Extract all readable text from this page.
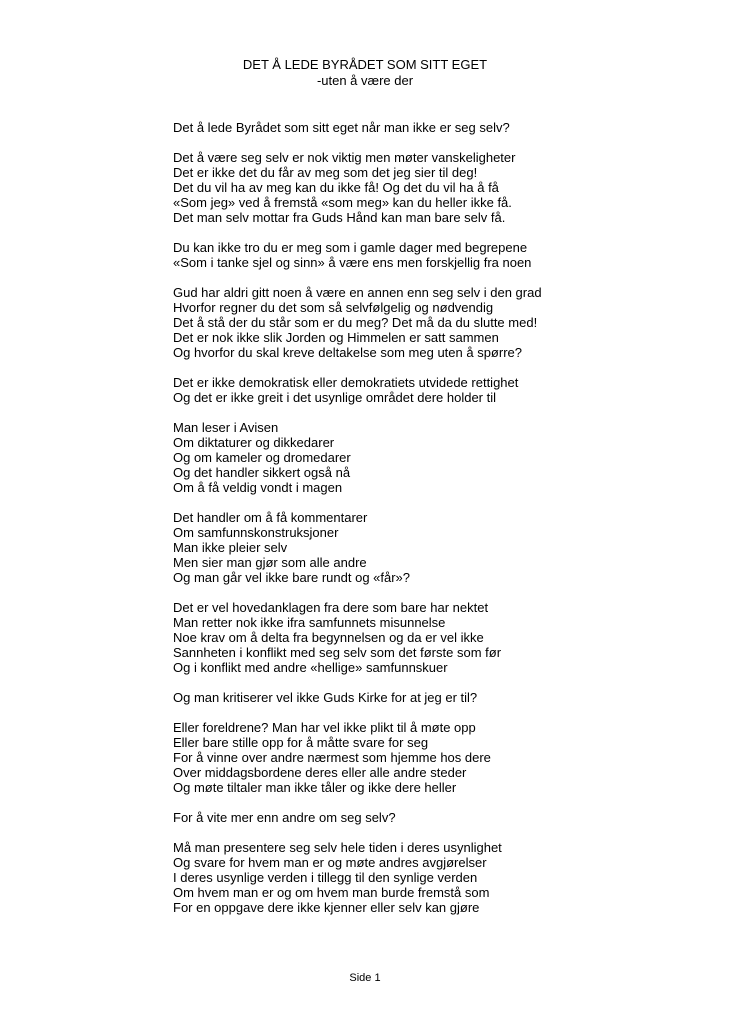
DET Å LEDE BYRÅDET SOM SITT EGET
-uten å være der
Det å lede Byrådet som sitt eget når man ikke er seg selv?
Det å være seg selv er nok viktig men møter vanskeligheter
Det er ikke det du får av meg som det jeg sier til deg!
Det du vil ha av meg kan du ikke få! Og det du vil ha å få
«Som jeg» ved å fremstå «som meg» kan du heller ikke få.
Det man selv mottar fra Guds Hånd kan man bare selv få.
Du kan ikke tro du er meg som i gamle dager med begrepene
«Som i tanke sjel og sinn» å være ens men forskjellig fra noen
Gud har aldri gitt noen å være en annen enn seg selv i den grad
Hvorfor regner du det som så selvfølgelig og nødvendig
Det å stå der du står som er du meg? Det må da du slutte med!
Det er nok ikke slik Jorden og Himmelen er satt sammen
Og hvorfor du skal kreve deltakelse som meg uten å spørre?
Det er ikke demokratisk eller demokratiets utvidede rettighet
Og det er ikke greit i det usynlige området dere holder til
Man leser i Avisen
Om diktaturer og dikkedarer
Og om kameler og dromedarer
Og det handler sikkert også nå
Om å få veldig vondt i magen
Det handler om å få kommentarer
Om samfunnskonstruksjoner
Man ikke pleier selv
Men sier man gjør som alle andre
Og man går vel ikke bare rundt og «får»?
Det er vel hovedanklagen fra dere som bare har nektet
Man retter nok ikke ifra samfunnets misunnelse
Noe krav om å delta fra begynnelsen og da er vel ikke
Sannheten i konflikt med seg selv som det første som før
Og i konflikt med andre «hellige» samfunnskuer
Og man kritiserer vel ikke Guds Kirke for at jeg er til?
Eller foreldrene? Man har vel ikke plikt til å møte opp
Eller bare stille opp for å måtte svare for seg
For å vinne over andre nærmest som hjemme hos dere
Over middagsbordene deres eller alle andre steder
Og møte tiltaler man ikke tåler og ikke dere heller
For å vite mer enn andre om seg selv?
Må man presentere seg selv hele tiden i deres usynlighet
Og svare for hvem man er og møte andres avgjørelser
I deres usynlige verden i tillegg til den synlige verden
Om hvem man er og om hvem man burde fremstå som
For en oppgave dere ikke kjenner eller selv kan gjøre
Side 1
